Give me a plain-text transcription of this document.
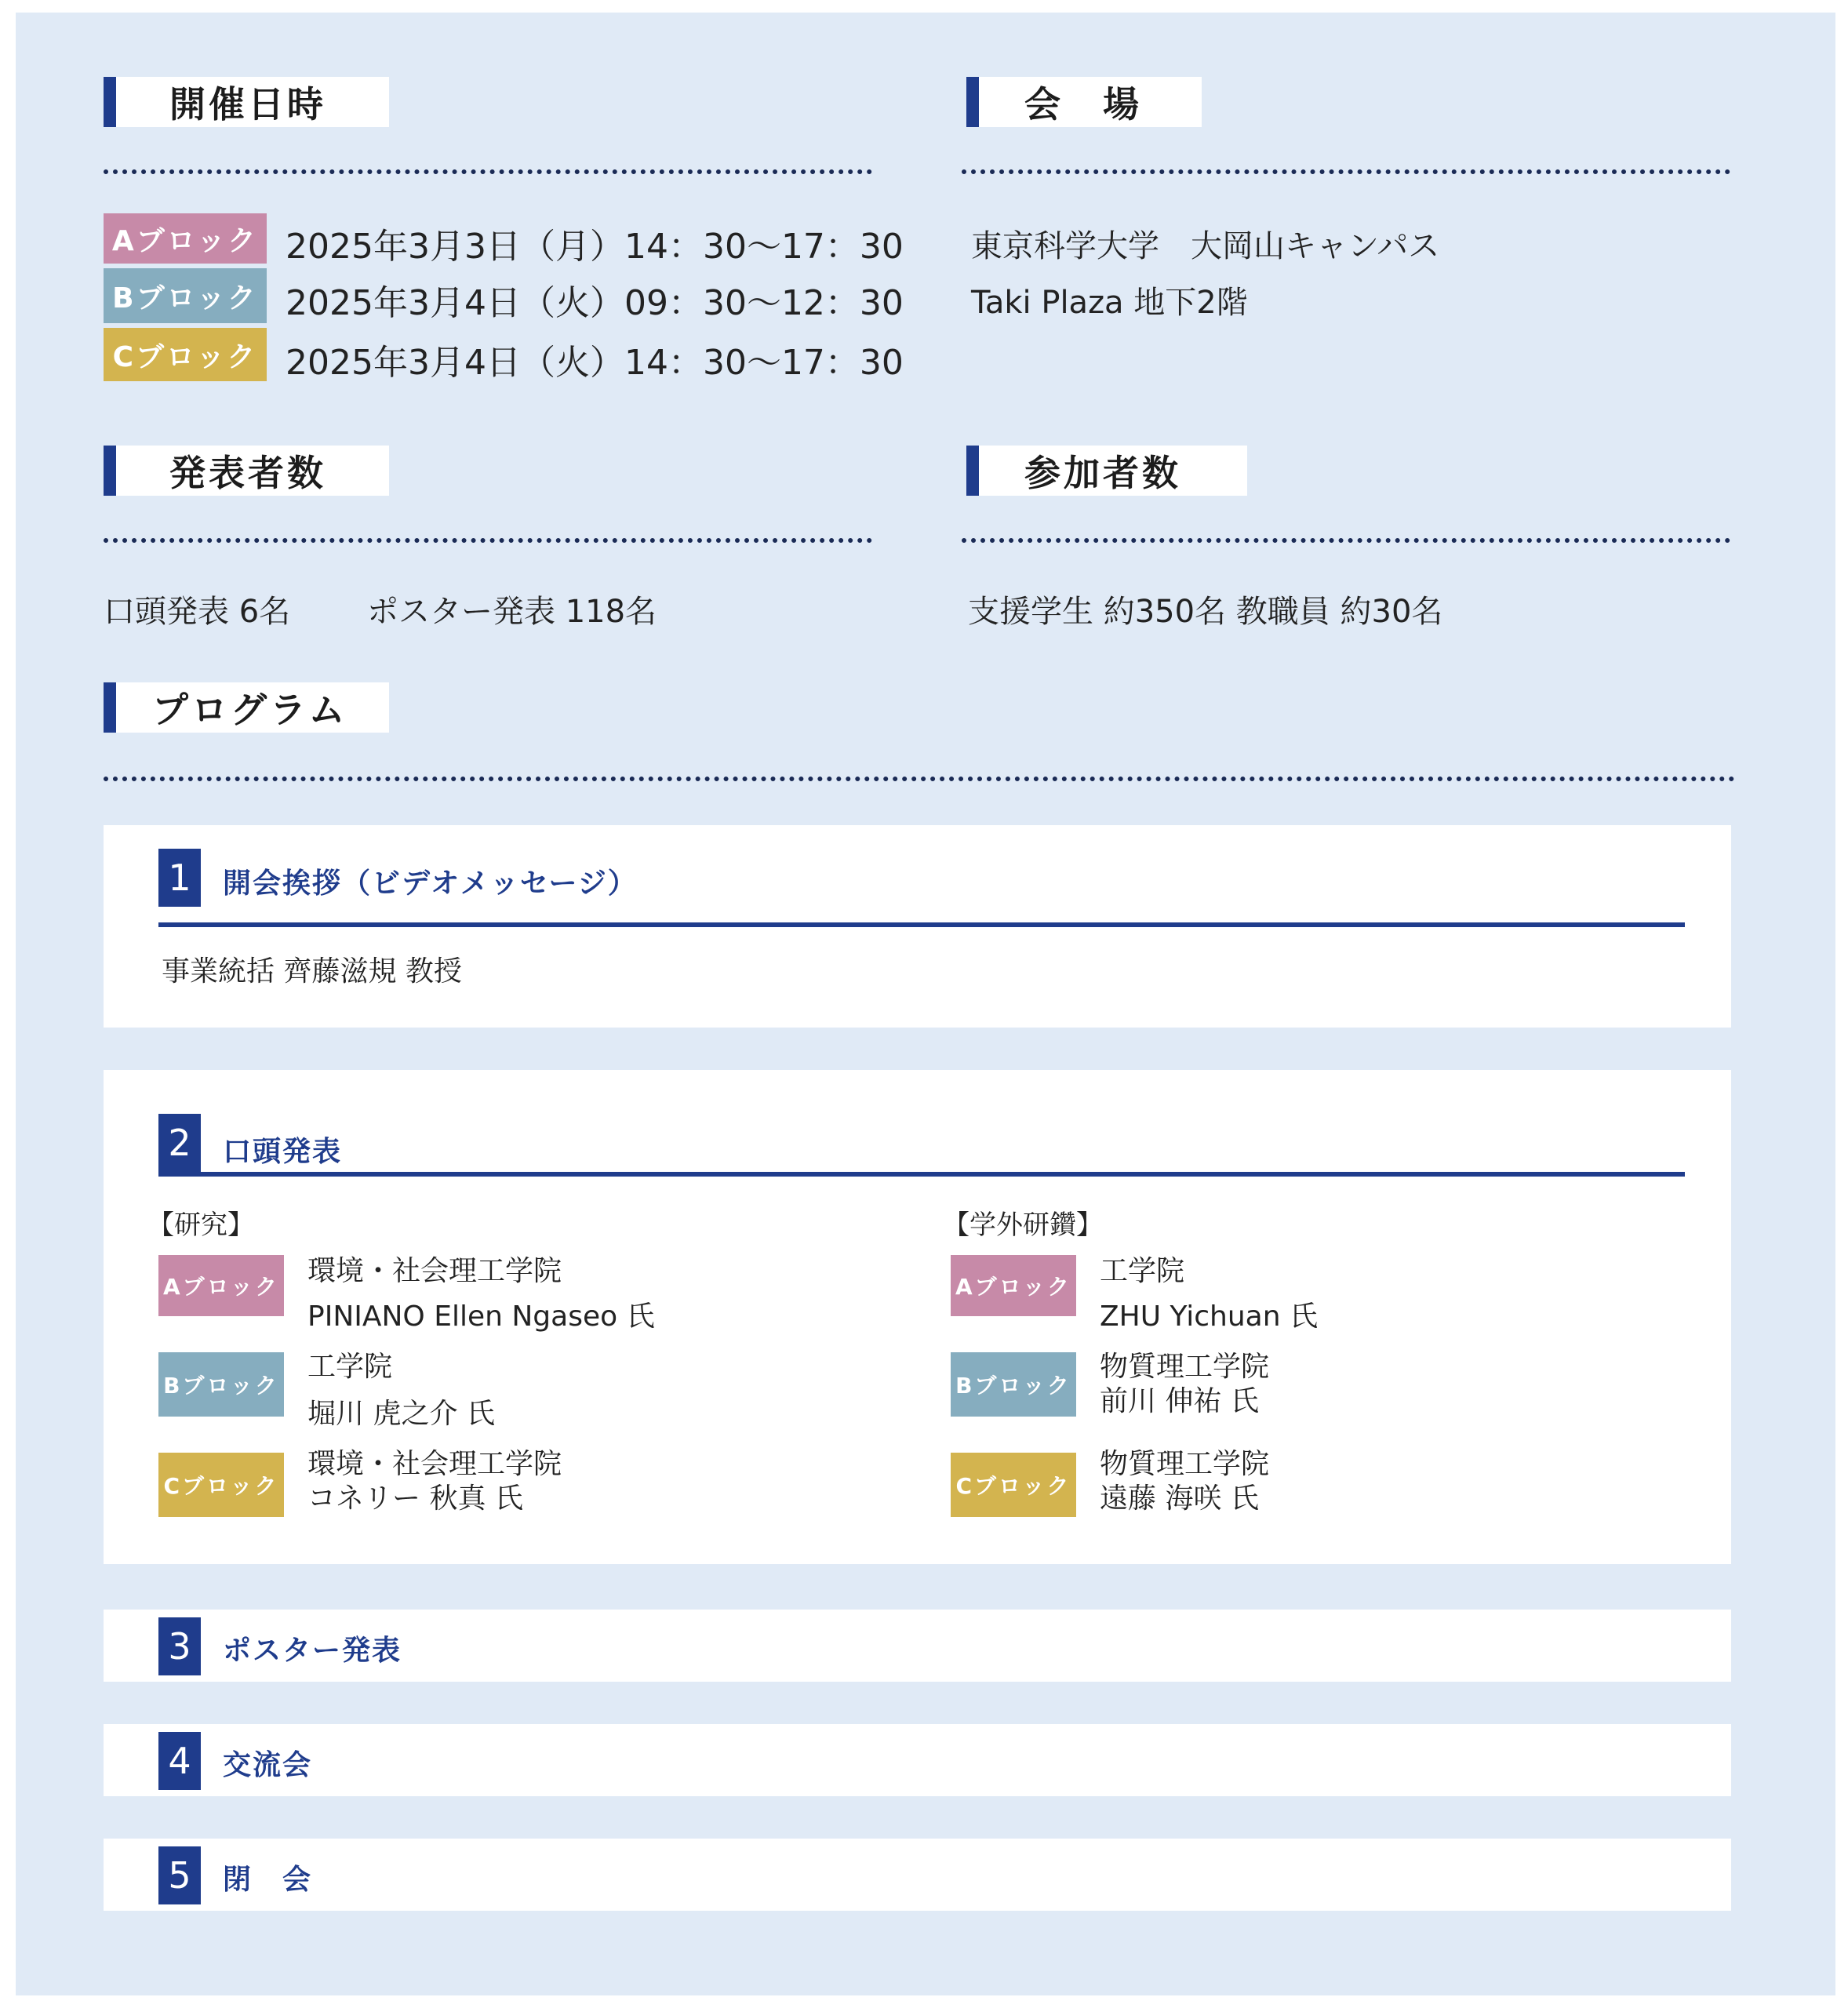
開催日時
Aブロック 2025年3月3日（月）14：30～17：30
Bブロック 2025年3月4日（火）09：30～12：30
Cブロック 2025年3月4日（火）14：30～17：30
会　場
東京科学大学　大岡山キャンパス
Taki Plaza 地下2階
発表者数
口頭発表 6名 ポスター発表 118名
参加者数
支援学生 約350名 教職員 約30名
プログラム
1	開会挨拶（ビデオメッセージ）
事業統括 齊藤滋規 教授
2	口頭発表
【研究】
Aブロック 環境・社会理工学院
PINIANO Ellen Ngaseo 氏
Bブロック
工学院
堀川 虎之介 氏
Cブロック
環境・社会理工学院
コネリー 秋真 氏
【学外研鑽】
Aブロック 工学院
ZHU Yichuan 氏
Bブロック
物質理工学院
前川 伸祐 氏
Cブロック
物質理工学院
遠藤 海咲 氏
3	ポスター発表
4	交流会
5	閉　会
